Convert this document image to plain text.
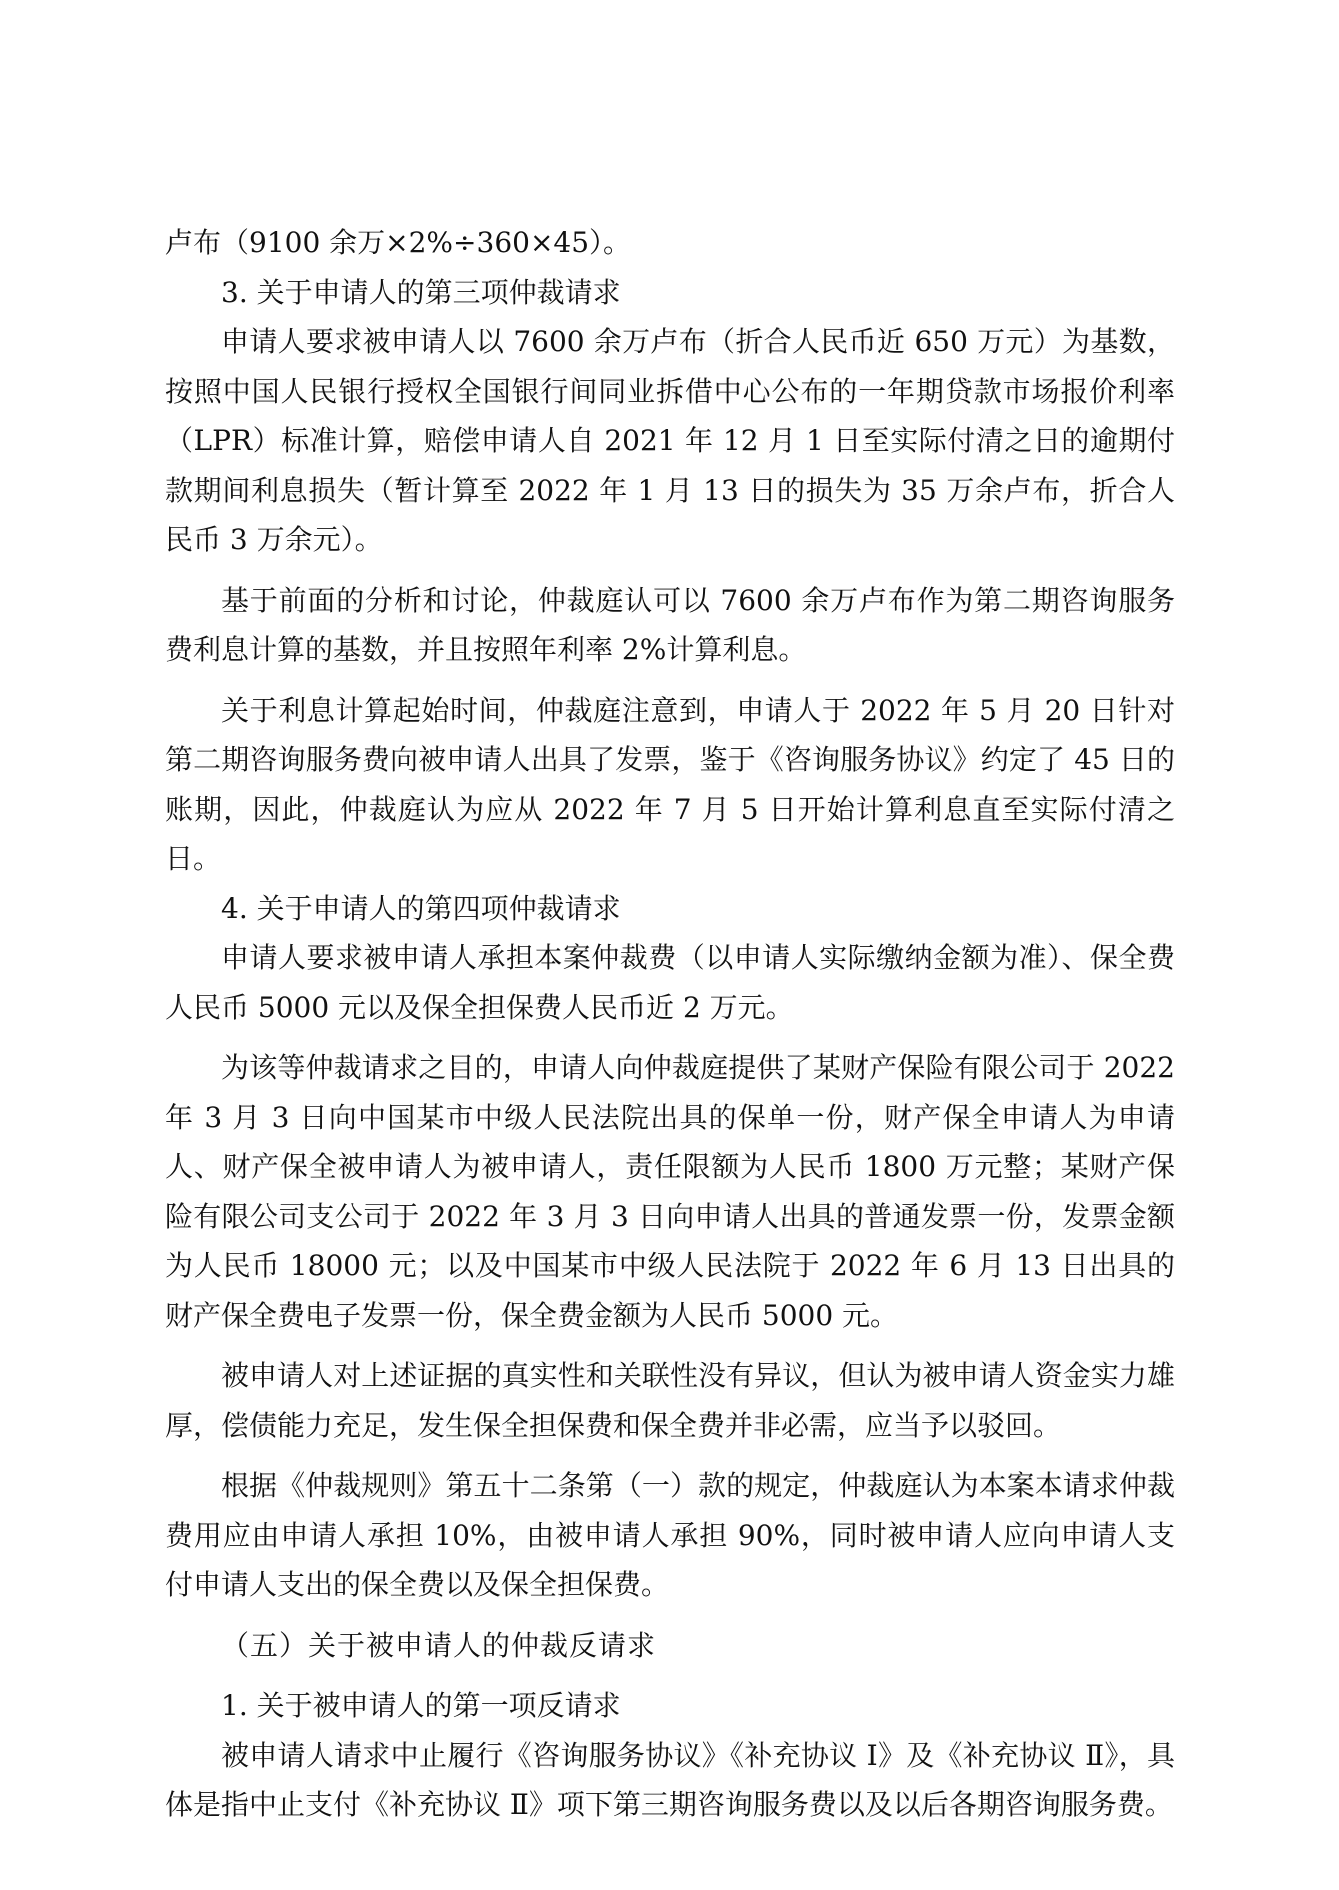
卢布（9100 余万×2%÷360×45）。

3. 关于申请人的第三项仲裁请求

申请人要求被申请人以 7600 余万卢布（折合人民币近 650 万元）为基数，按照中国人民银行授权全国银行间同业拆借中心公布的一年期贷款市场报价利率（LPR）标准计算，赔偿申请人自 2021 年 12 月 1 日至实际付清之日的逾期付款期间利息损失（暂计算至 2022 年 1 月 13 日的损失为 35 万余卢布，折合人民币 3 万余元）。

基于前面的分析和讨论，仲裁庭认可以 7600 余万卢布作为第二期咨询服务费利息计算的基数，并且按照年利率 2%计算利息。

关于利息计算起始时间，仲裁庭注意到，申请人于 2022 年 5 月 20 日针对第二期咨询服务费向被申请人出具了发票，鉴于《咨询服务协议》约定了 45 日的账期，因此，仲裁庭认为应从 2022 年 7 月 5 日开始计算利息直至实际付清之日。

4. 关于申请人的第四项仲裁请求

申请人要求被申请人承担本案仲裁费（以申请人实际缴纳金额为准）、保全费人民币 5000 元以及保全担保费人民币近 2 万元。

为该等仲裁请求之目的，申请人向仲裁庭提供了某财产保险有限公司于 2022 年 3 月 3 日向中国某市中级人民法院出具的保单一份，财产保全申请人为申请人、财产保全被申请人为被申请人，责任限额为人民币 1800 万元整；某财产保险有限公司支公司于 2022 年 3 月 3 日向申请人出具的普通发票一份，发票金额为人民币 18000 元；以及中国某市中级人民法院于 2022 年 6 月 13 日出具的财产保全费电子发票一份，保全费金额为人民币 5000 元。

被申请人对上述证据的真实性和关联性没有异议，但认为被申请人资金实力雄厚，偿债能力充足，发生保全担保费和保全费并非必需，应当予以驳回。

根据《仲裁规则》第五十二条第（一）款的规定，仲裁庭认为本案本请求仲裁费用应由申请人承担 10%，由被申请人承担 90%，同时被申请人应向申请人支付申请人支出的保全费以及保全担保费。

（五）关于被申请人的仲裁反请求

1. 关于被申请人的第一项反请求

被申请人请求中止履行《咨询服务协议》《补充协议 I》及《补充协议 Ⅱ》，具体是指中止支付《补充协议 Ⅱ》项下第三期咨询服务费以及以后各期咨询服务费。
